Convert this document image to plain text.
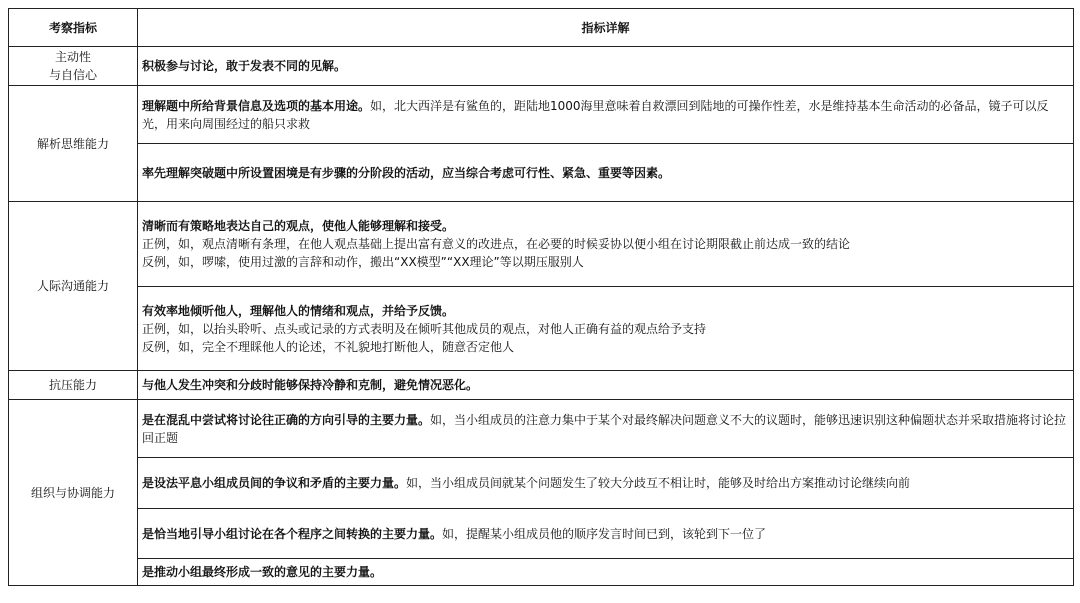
考察指标	指标详解

主动性
与自信心	积极参与讨论，敢于发表不同的见解。
解析思维能力	理解题中所给背景信息及选项的基本用途。如，北大西洋是有鲨鱼的，距陆地1000海里意味着自救漂回到陆地的可操作性差，水是维持基本生命活动的必备品，镜子可以反光，用来向周围经过的船只求救
	率先理解突破题中所设置困境是有步骤的分阶段的活动，应当综合考虑可行性、紧急、重要等因素。
人际沟通能力	清晰而有策略地表达自己的观点，使他人能够理解和接受。
正例，如，观点清晰有条理，在他人观点基础上提出富有意义的改进点，在必要的时候妥协以便小组在讨论期限截止前达成一致的结论
反例，如，啰嗦，使用过激的言辞和动作，搬出“XX模型”“XX理论”等以期压服别人

	有效率地倾听他人，理解他人的情绪和观点，并给予反馈。
正例，如，以抬头聆听、点头或记录的方式表明及在倾听其他成员的观点，对他人正确有益的观点给予支持
反例，如，完全不理睬他人的论述，不礼貌地打断他人，随意否定他人

抗压能力	与他人发生冲突和分歧时能够保持冷静和克制，避免情况恶化。
组织与协调能力	是在混乱中尝试将讨论往正确的方向引导的主要力量。如，当小组成员的注意力集中于某个对最终解决问题意义不大的议题时，能够迅速识别这种偏题状态并采取措施将讨论拉回正题
	是设法平息小组成员间的争议和矛盾的主要力量。如，当小组成员间就某个问题发生了较大分歧互不相让时，能够及时给出方案推动讨论继续向前
	是恰当地引导小组讨论在各个程序之间转换的主要力量。如，提醒某小组成员他的顺序发言时间已到，该轮到下一位了
	是推动小组最终形成一致的意见的主要力量。
